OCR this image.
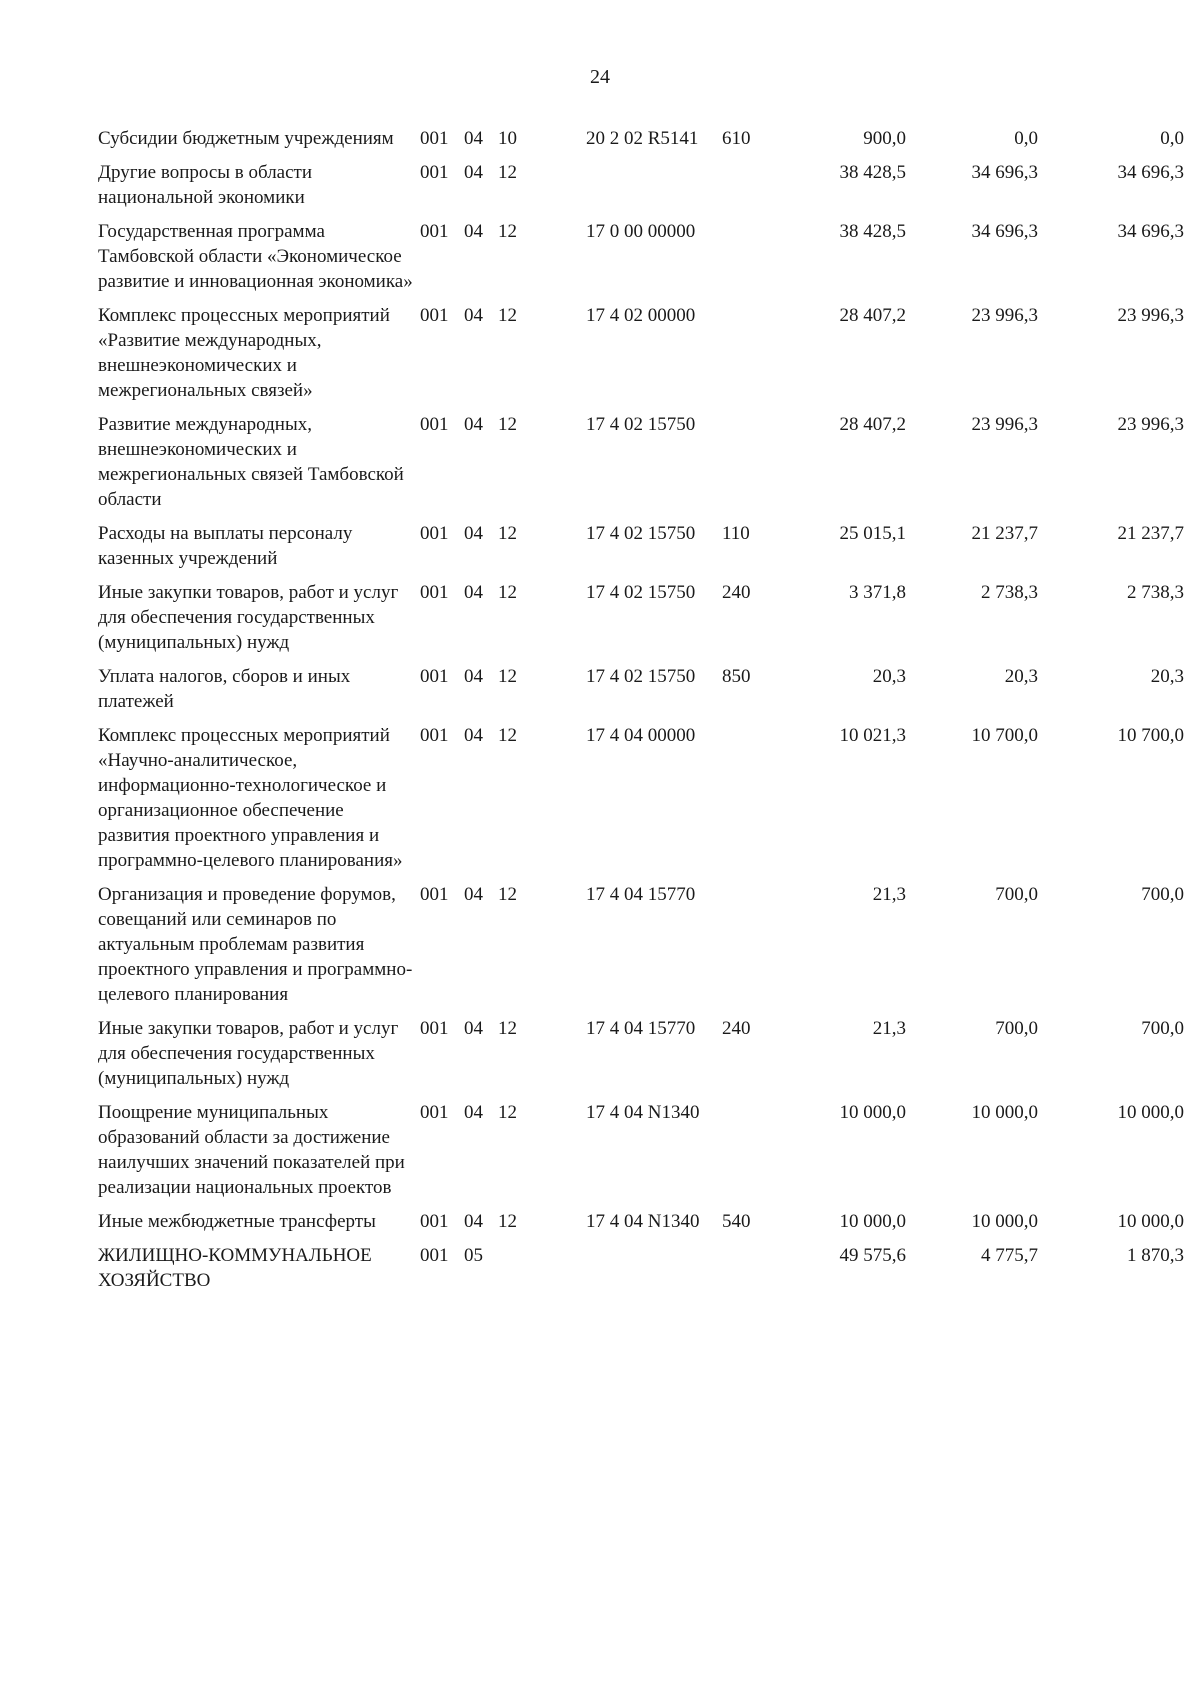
24
Субсидии бюджетным учреждениям	001	04	10	20 2 02 R5141	610	900,0	0,0	0,0
Другие вопросы в области национальной экономики	001	04	12			38 428,5	34 696,3	34 696,3
Государственная программа Тамбовской области «Экономическое развитие и инновационная экономика»	001	04	12	17 0 00 00000		38 428,5	34 696,3	34 696,3
Комплекс процессных мероприятий «Развитие международных, внешнеэкономических и межрегиональных связей»	001	04	12	17 4 02 00000		28 407,2	23 996,3	23 996,3
Развитие международных, внешнеэкономических и межрегиональных связей Тамбовской области	001	04	12	17 4 02 15750		28 407,2	23 996,3	23 996,3
Расходы на выплаты персоналу казенных учреждений	001	04	12	17 4 02 15750	110	25 015,1	21 237,7	21 237,7
Иные закупки товаров, работ и услуг для обеспечения государственных (муниципальных) нужд	001	04	12	17 4 02 15750	240	3 371,8	2 738,3	2 738,3
Уплата налогов, сборов и иных платежей	001	04	12	17 4 02 15750	850	20,3	20,3	20,3
Комплекс процессных мероприятий «Научно-аналитическое, информационно-технологическое и организационное обеспечение развития проектного управления и программно-целевого планирования»	001	04	12	17 4 04 00000		10 021,3	10 700,0	10 700,0
Организация и проведение форумов, совещаний или семинаров по актуальным проблемам развития проектного управления и программно-целевого планирования	001	04	12	17 4 04 15770		21,3	700,0	700,0
Иные закупки товаров, работ и услуг для обеспечения государственных (муниципальных) нужд	001	04	12	17 4 04 15770	240	21,3	700,0	700,0
Поощрение муниципальных образований области за достижение наилучших значений показателей при реализации национальных проектов	001	04	12	17 4 04 N1340		10 000,0	10 000,0	10 000,0
Иные межбюджетные трансферты	001	04	12	17 4 04 N1340	540	10 000,0	10 000,0	10 000,0
ЖИЛИЩНО-КОММУНАЛЬНОЕ ХОЗЯЙСТВО	001	05				49 575,6	4 775,7	1 870,3
